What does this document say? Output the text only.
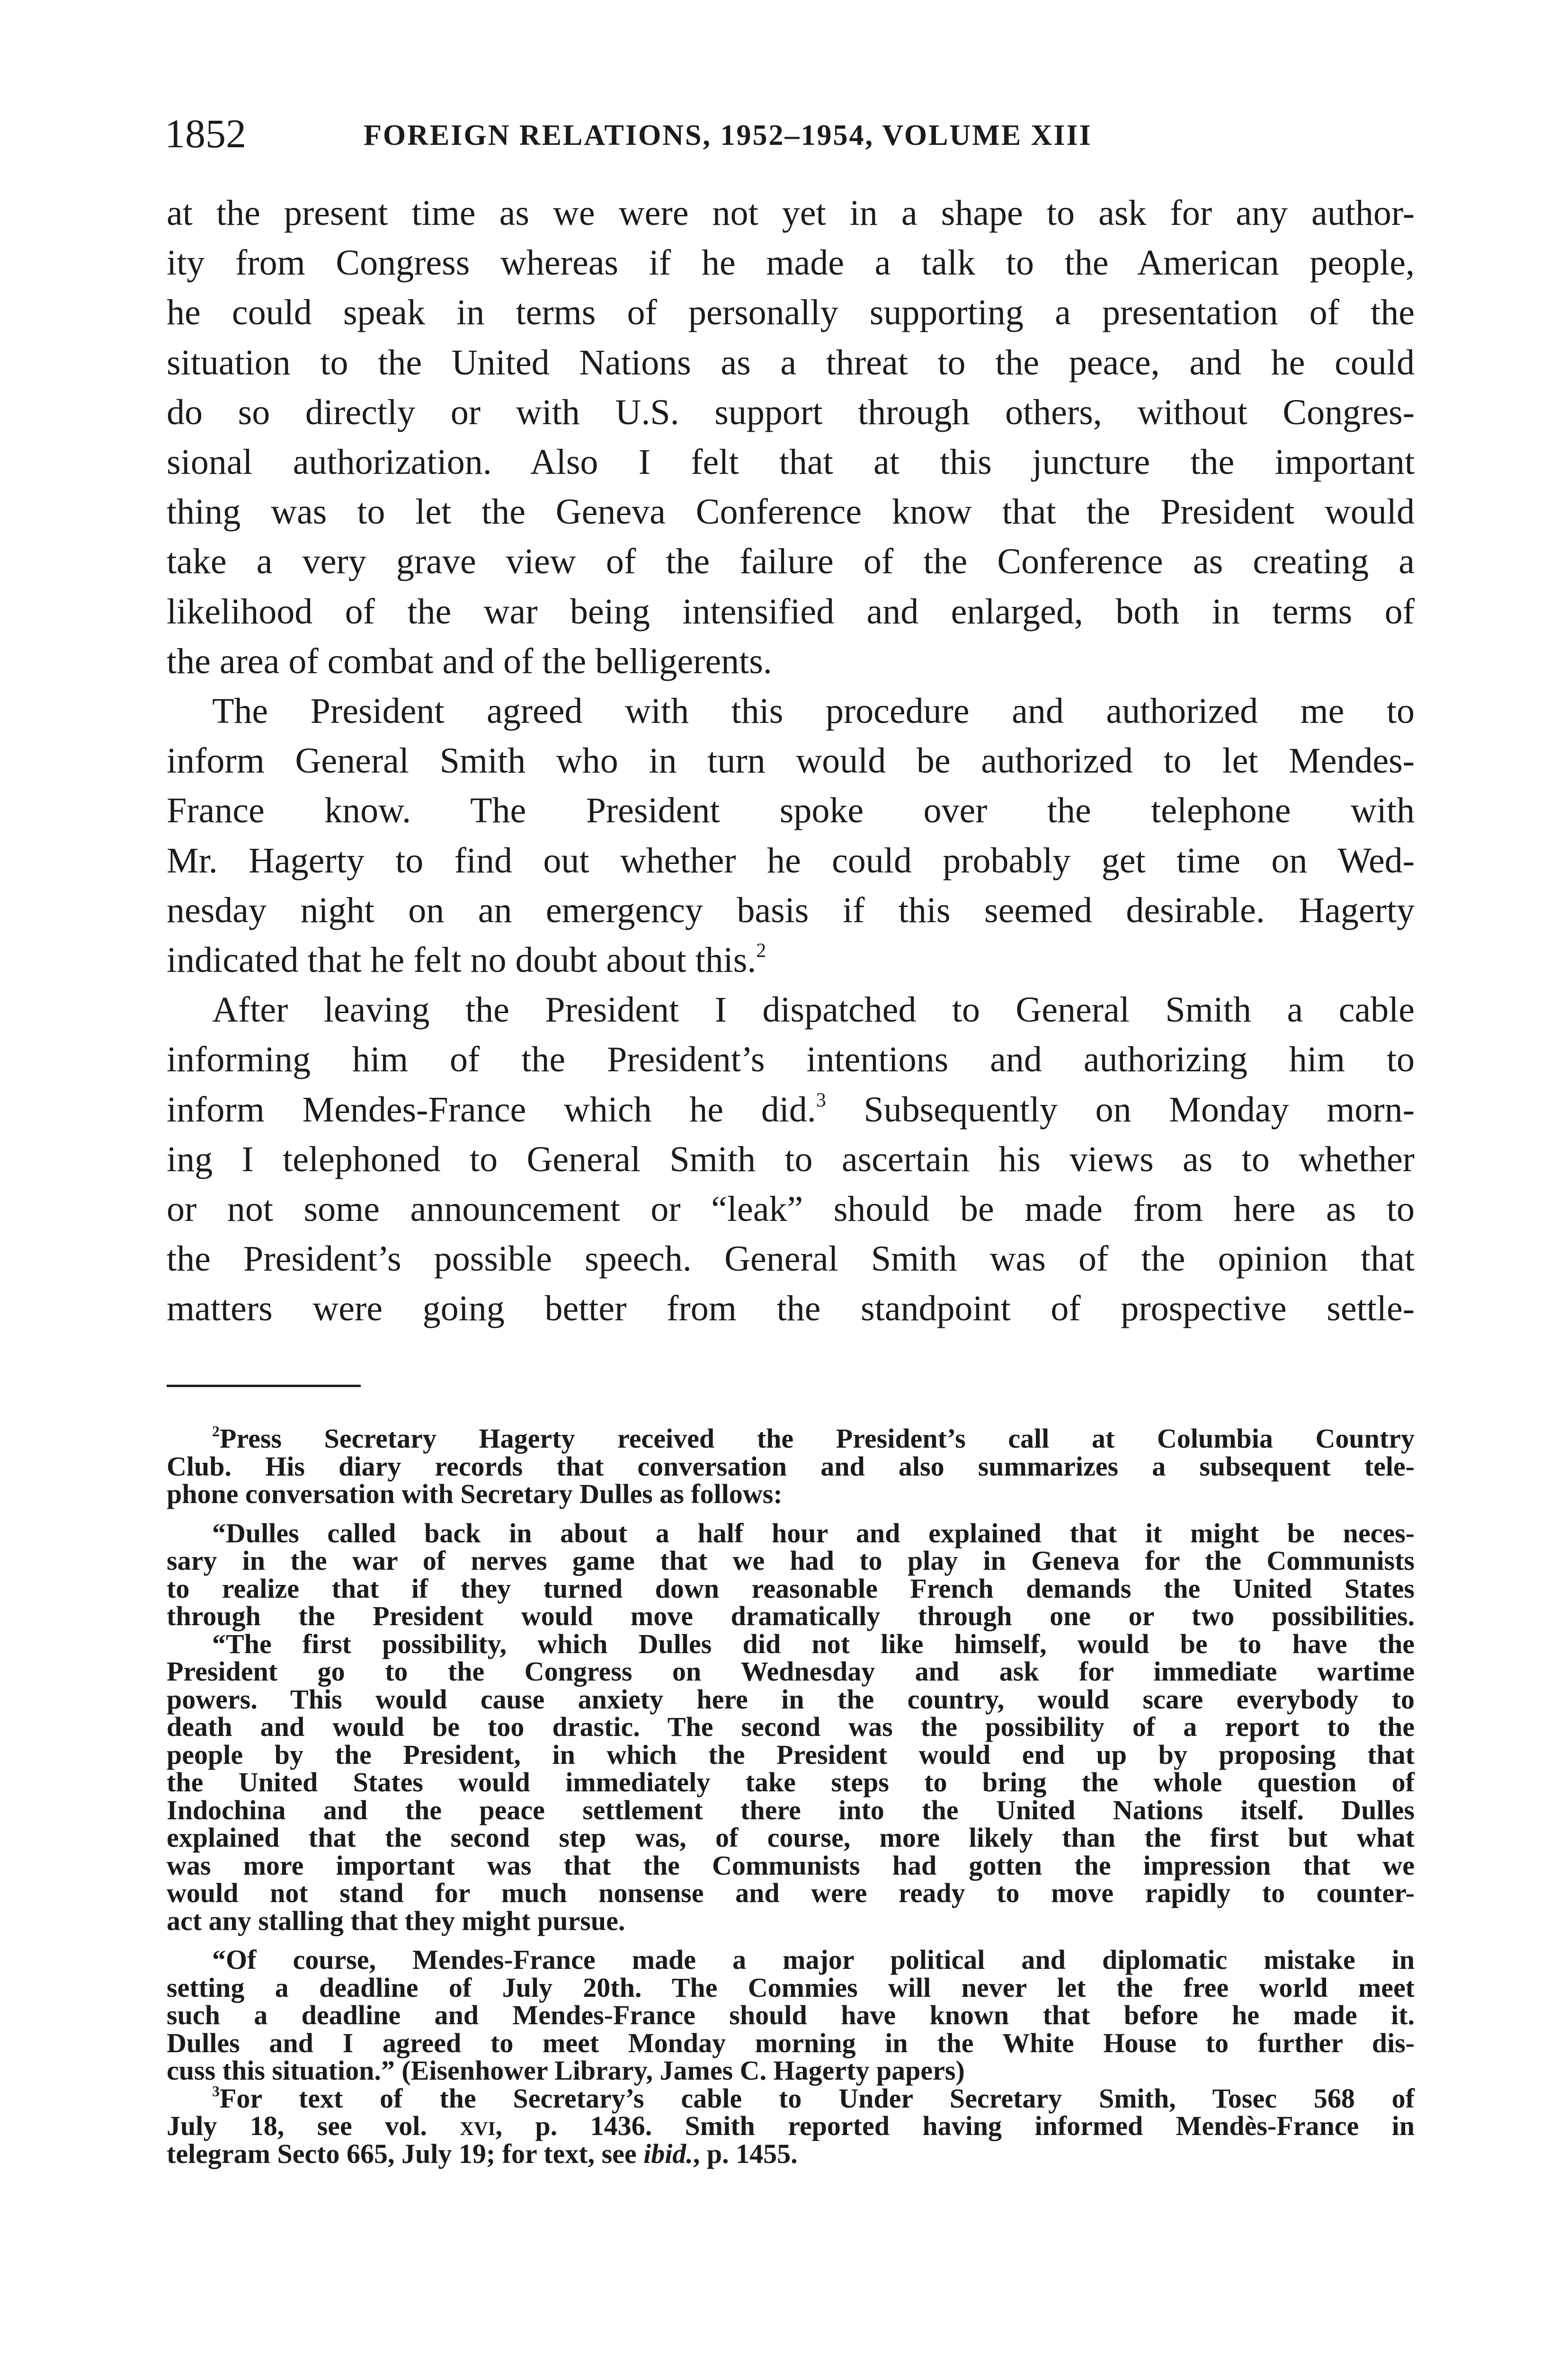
1852	FOREIGN RELATIONS, 1952–1954, VOLUME XIII

at the present time as we were not yet in a shape to ask for any author-
ity from Congress whereas if he made a talk to the American people,
he could speak in terms of personally supporting a presentation of the
situation to the United Nations as a threat to the peace, and he could
do so directly or with U.S. support through others, without Congres-
sional authorization. Also I felt that at this juncture the important
thing was to let the Geneva Conference know that the President would
take a very grave view of the failure of the Conference as creating a
likelihood of the war being intensified and enlarged, both in terms of
the area of combat and of the belligerents.

The President agreed with this procedure and authorized me to
inform General Smith who in turn would be authorized to let Mendes-
France know. The President spoke over the telephone with
Mr. Hagerty to find out whether he could probably get time on Wed-
nesday night on an emergency basis if this seemed desirable. Hagerty
indicated that he felt no doubt about this.$^2$

After leaving the President I dispatched to General Smith a cable
informing him of the President’s intentions and authorizing him to
inform Mendes-France which he did.$^3$ Subsequently on Monday morn-
ing I telephoned to General Smith to ascertain his views as to whether
or not some announcement or “leak” should be made from here as to
the President’s possible speech. General Smith was of the opinion that
matters were going better from the standpoint of prospective settle-

$^2$Press Secretary Hagerty received the President’s call at Columbia Country
Club. His diary records that conversation and also summarizes a subsequent tele-
phone conversation with Secretary Dulles as follows:
“Dulles called back in about a half hour and explained that it might be neces-
sary in the war of nerves game that we had to play in Geneva for the Communists
to realize that if they turned down reasonable French demands the United States
through the President would move dramatically through one or two possibilities.
“The first possibility, which Dulles did not like himself, would be to have the
President go to the Congress on Wednesday and ask for immediate wartime
powers. This would cause anxiety here in the country, would scare everybody to
death and would be too drastic. The second was the possibility of a report to the
people by the President, in which the President would end up by proposing that
the United States would immediately take steps to bring the whole question of
Indochina and the peace settlement there into the United Nations itself. Dulles
explained that the second step was, of course, more likely than the first but what
was more important was that the Communists had gotten the impression that we
would not stand for much nonsense and were ready to move rapidly to counter-
act any stalling that they might pursue.
“Of course, Mendes-France made a major political and diplomatic mistake in
setting a deadline of July 20th. The Commies will never let the free world meet
such a deadline and Mendes-France should have known that before he made it.
Dulles and I agreed to meet Monday morning in the White House to further dis-
cuss this situation.” (Eisenhower Library, James C. Hagerty papers)
$^3$For text of the Secretary’s cable to Under Secretary Smith, Tosec 568 of
July 18, see vol. xvi, p. 1436. Smith reported having informed Mendès-France in
telegram Secto 665, July 19; for text, see ibid., p. 1455.
